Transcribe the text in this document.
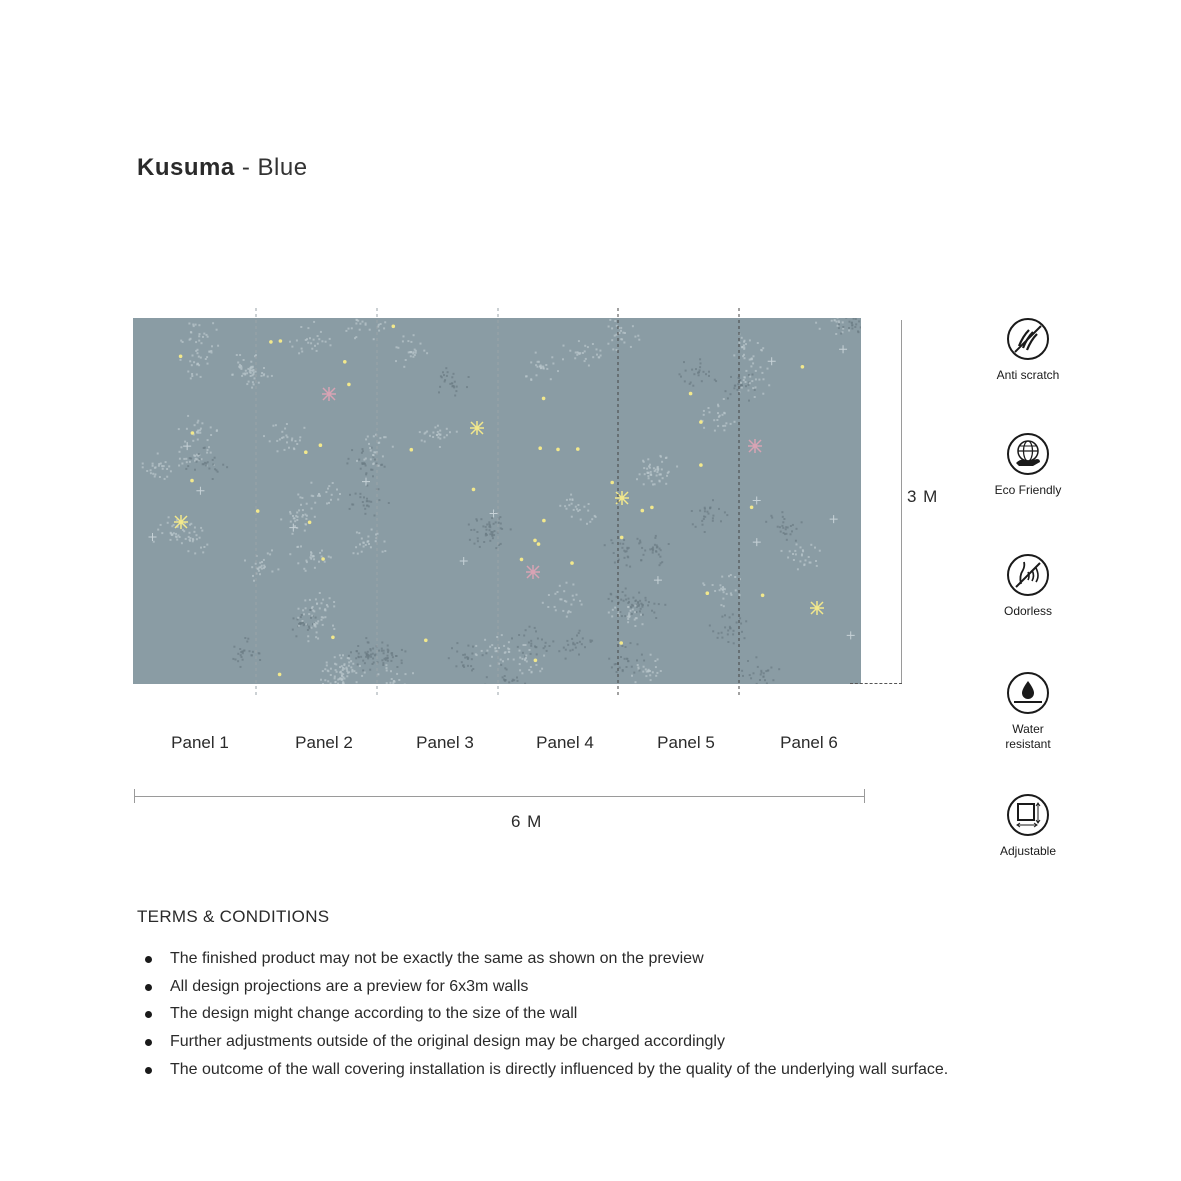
Kusuma - Blue
Panel 1	Panel 2	Panel 3	Panel 4	Panel 5	Panel 6
6 M
3 M
Anti scratch
Eco Friendly
Odorless
Water resistant
Adjustable
TERMS & CONDITIONS
The finished product may not be exactly the same as shown on the preview
All design projections are a preview for 6x3m walls
The design might change according to the size of the wall
Further adjustments outside of the original design may be charged accordingly
The outcome of the wall covering installation is directly influenced by the quality of the underlying wall surface.
